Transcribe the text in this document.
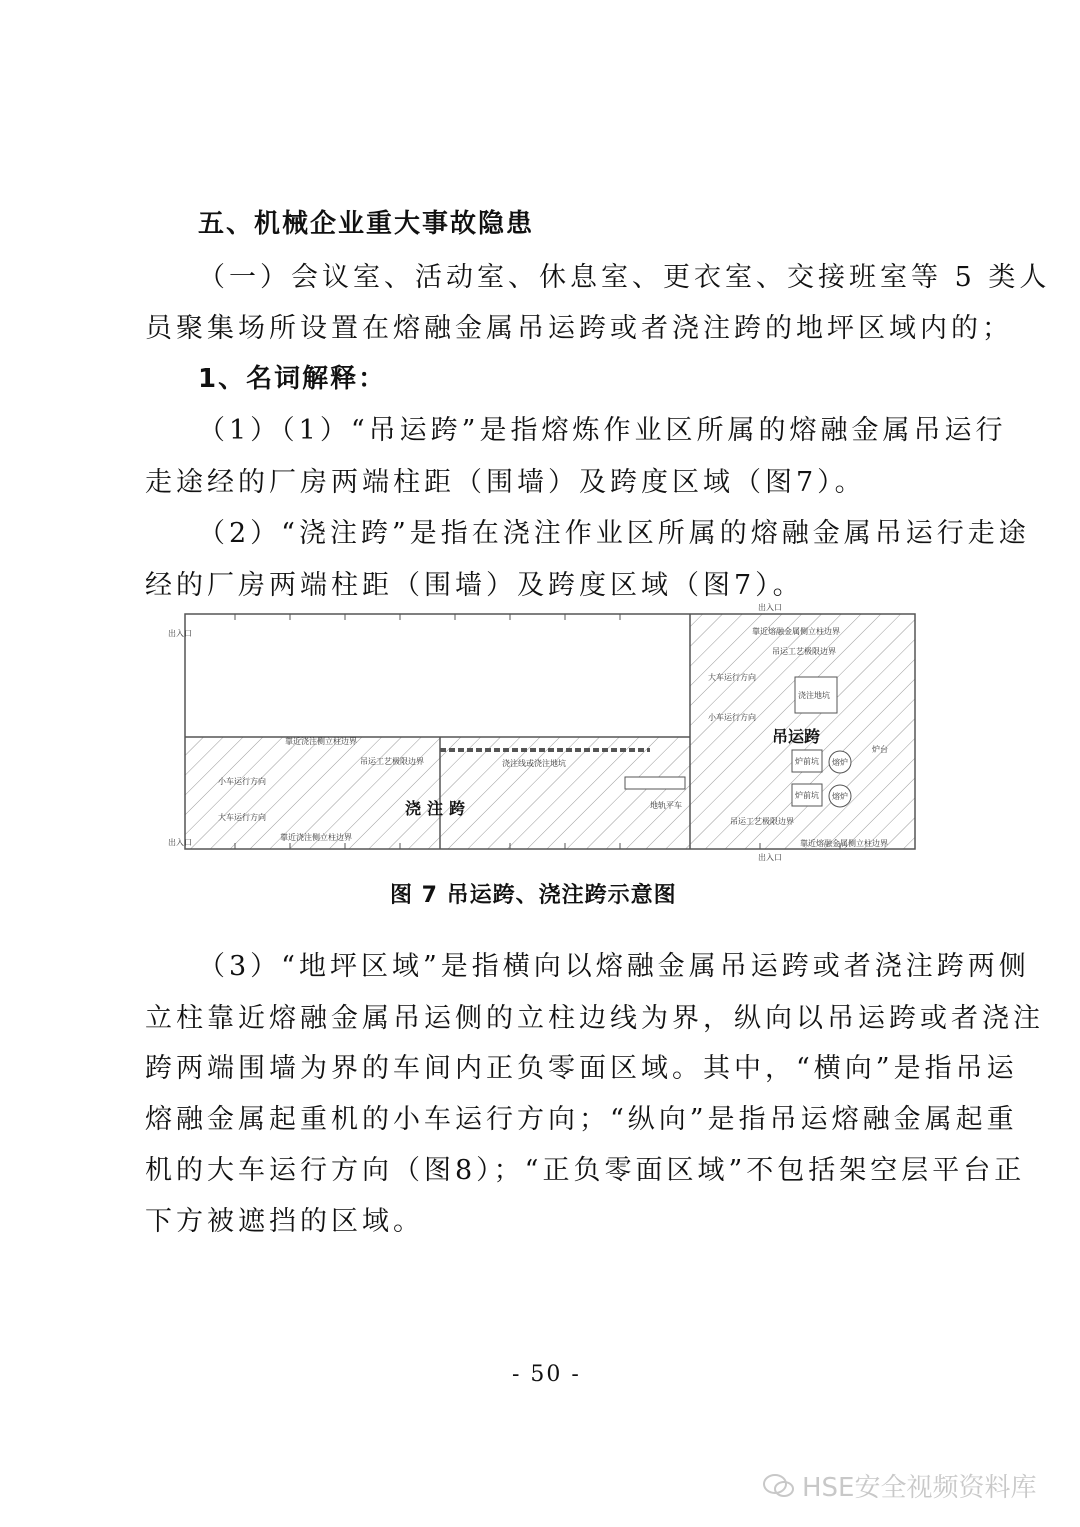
五、机械企业重大事故隐患
（一）会议室、活动室、休息室、更衣室、交接班室等 5 类人
员聚集场所设置在熔融金属吊运跨或者浇注跨的地坪区域内的；
1、名词解释：
（1）（1）“吊运跨”是指熔炼作业区所属的熔融金属吊运行
走途经的厂房两端柱距（围墙）及跨度区域（图7）。
（2）“浇注跨”是指在浇注作业区所属的熔融金属吊运行走途
经的厂房两端柱距（围墙）及跨度区域（图7）。
出入口
出入口
出入口
出入口
靠近熔融金属侧立柱边界
吊运工艺极限边界
大车运行方向
小车运行方向
浇注地坑
炉前坑 熔炉
炉前坑 熔炉
炉台
吊运工艺极限边界
靠近熔融金属侧立柱边界
靠近浇注侧立柱边界
吊运工艺极限边界
小车运行方向
大车运行方向
浇注线或浇注地坑
地轨平车
靠近浇注侧立柱边界
吊运跨
浇注跨
图 7 吊运跨、浇注跨示意图
（3）“地坪区域”是指横向以熔融金属吊运跨或者浇注跨两侧
立柱靠近熔融金属吊运侧的立柱边线为界，纵向以吊运跨或者浇注
跨两端围墙为界的车间内正负零面区域。其中，“横向”是指吊运
熔融金属起重机的小车运行方向；“纵向”是指吊运熔融金属起重
机的大车运行方向（图8）；“正负零面区域”不包括架空层平台正
下方被遮挡的区域。
- 50 -
HSE安全视频资料库
